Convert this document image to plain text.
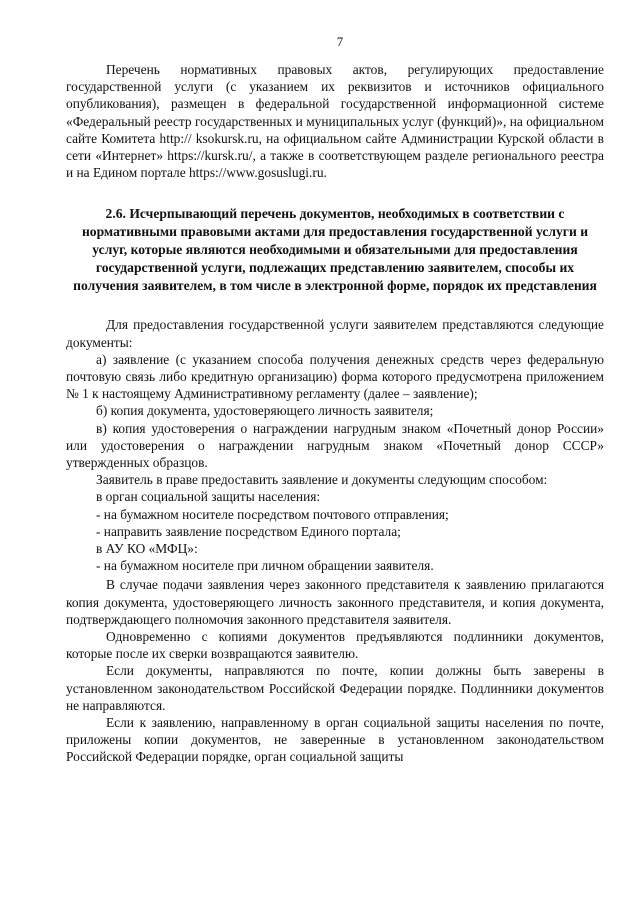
7

Перечень нормативных правовых актов, регулирующих предоставление государственной услуги (с указанием их реквизитов и источников официального опубликования), размещен в федеральной государственной информационной системе «Федеральный реестр государственных и муниципальных услуг (функций)», на официальном сайте Комитета http:// ksokursk.ru, на официальном сайте Администрации Курской области в сети «Интернет» https://kursk.ru/, а также в соответствующем разделе регионального реестра и на Едином портале https://www.gosuslugi.ru.

2.6. Исчерпывающий перечень документов, необходимых в соответствии с нормативными правовыми актами для предоставления государственной услуги и услуг, которые являются необходимыми и обязательными для предоставления государственной услуги, подлежащих представлению заявителем, способы их получения заявителем, в том числе в электронной форме, порядок их представления

Для предоставления государственной услуги заявителем представляются следующие документы:

а) заявление (с указанием способа получения денежных средств через федеральную почтовую связь либо кредитную организацию) форма которого предусмотрена приложением № 1 к настоящему Административному регламенту (далее – заявление);

б) копия документа, удостоверяющего личность заявителя;

в) копия удостоверения о награждении нагрудным знаком «Почетный донор России» или удостоверения о награждении нагрудным знаком «Почетный донор СССР» утвержденных образцов.

Заявитель в праве предоставить заявление и документы следующим способом:

в орган социальной защиты населения:

- на бумажном носителе посредством почтового отправления;

- направить заявление посредством Единого портала;

в АУ КО «МФЦ»:

- на бумажном носителе при личном обращении заявителя.

В случае подачи заявления через законного представителя к заявлению прилагаются копия документа, удостоверяющего личность законного представителя, и копия документа, подтверждающего полномочия законного представителя заявителя.

Одновременно с копиями документов предъявляются подлинники документов, которые после их сверки возвращаются заявителю.

Если документы, направляются по почте, копии должны быть заверены в установленном законодательством Российской Федерации порядке. Подлинники документов не направляются.

Если к заявлению, направленному в орган социальной защиты населения по почте, приложены копии документов, не заверенные в установленном законодательством Российской Федерации порядке, орган социальной защиты
